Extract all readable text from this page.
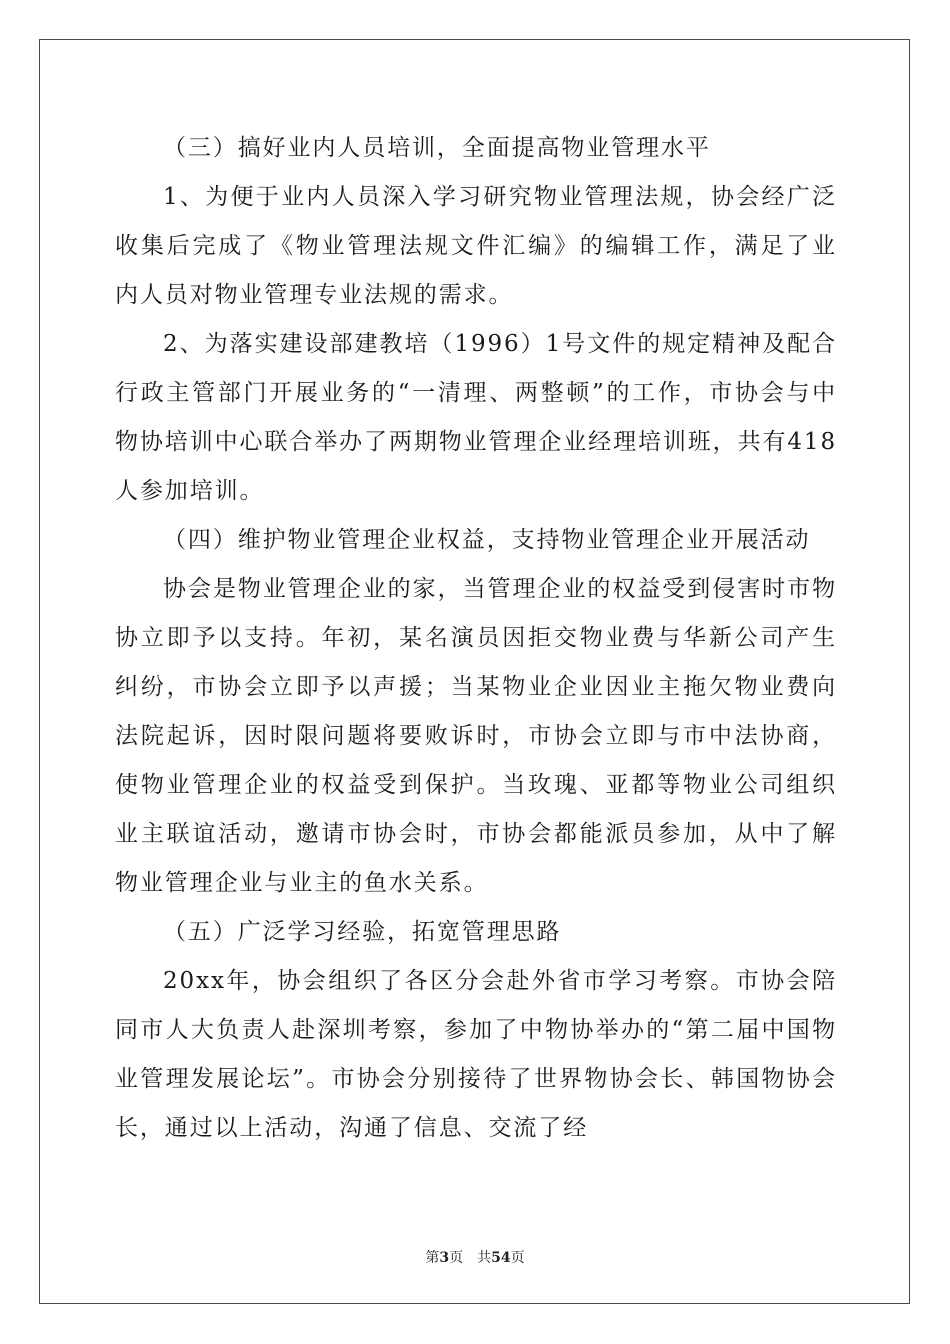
（三）搞好业内人员培训，全面提高物业管理水平

1、为便于业内人员深入学习研究物业管理法规，协会经广泛收集后完成了《物业管理法规文件汇编》的编辑工作，满足了业内人员对物业管理专业法规的需求。

2、为落实建设部建教培（1996）1号文件的规定精神及配合行政主管部门开展业务的“一清理、两整顿”的工作，市协会与中物协培训中心联合举办了两期物业管理企业经理培训班，共有418人参加培训。

（四）维护物业管理企业权益，支持物业管理企业开展活动

协会是物业管理企业的家，当管理企业的权益受到侵害时市物协立即予以支持。年初，某名演员因拒交物业费与华新公司产生纠纷，市协会立即予以声援；当某物业企业因业主拖欠物业费向法院起诉，因时限问题将要败诉时，市协会立即与市中法协商，使物业管理企业的权益受到保护。当玫瑰、亚都等物业公司组织业主联谊活动，邀请市协会时，市协会都能派员参加，从中了解物业管理企业与业主的鱼水关系。

（五）广泛学习经验，拓宽管理思路

20xx年，协会组织了各区分会赴外省市学习考察。市协会陪同市人大负责人赴深圳考察，参加了中物协举办的“第二届中国物业管理发展论坛”。市协会分别接待了世界物协会长、韩国物协会长，通过以上活动，沟通了信息、交流了经

第3页 共54页
